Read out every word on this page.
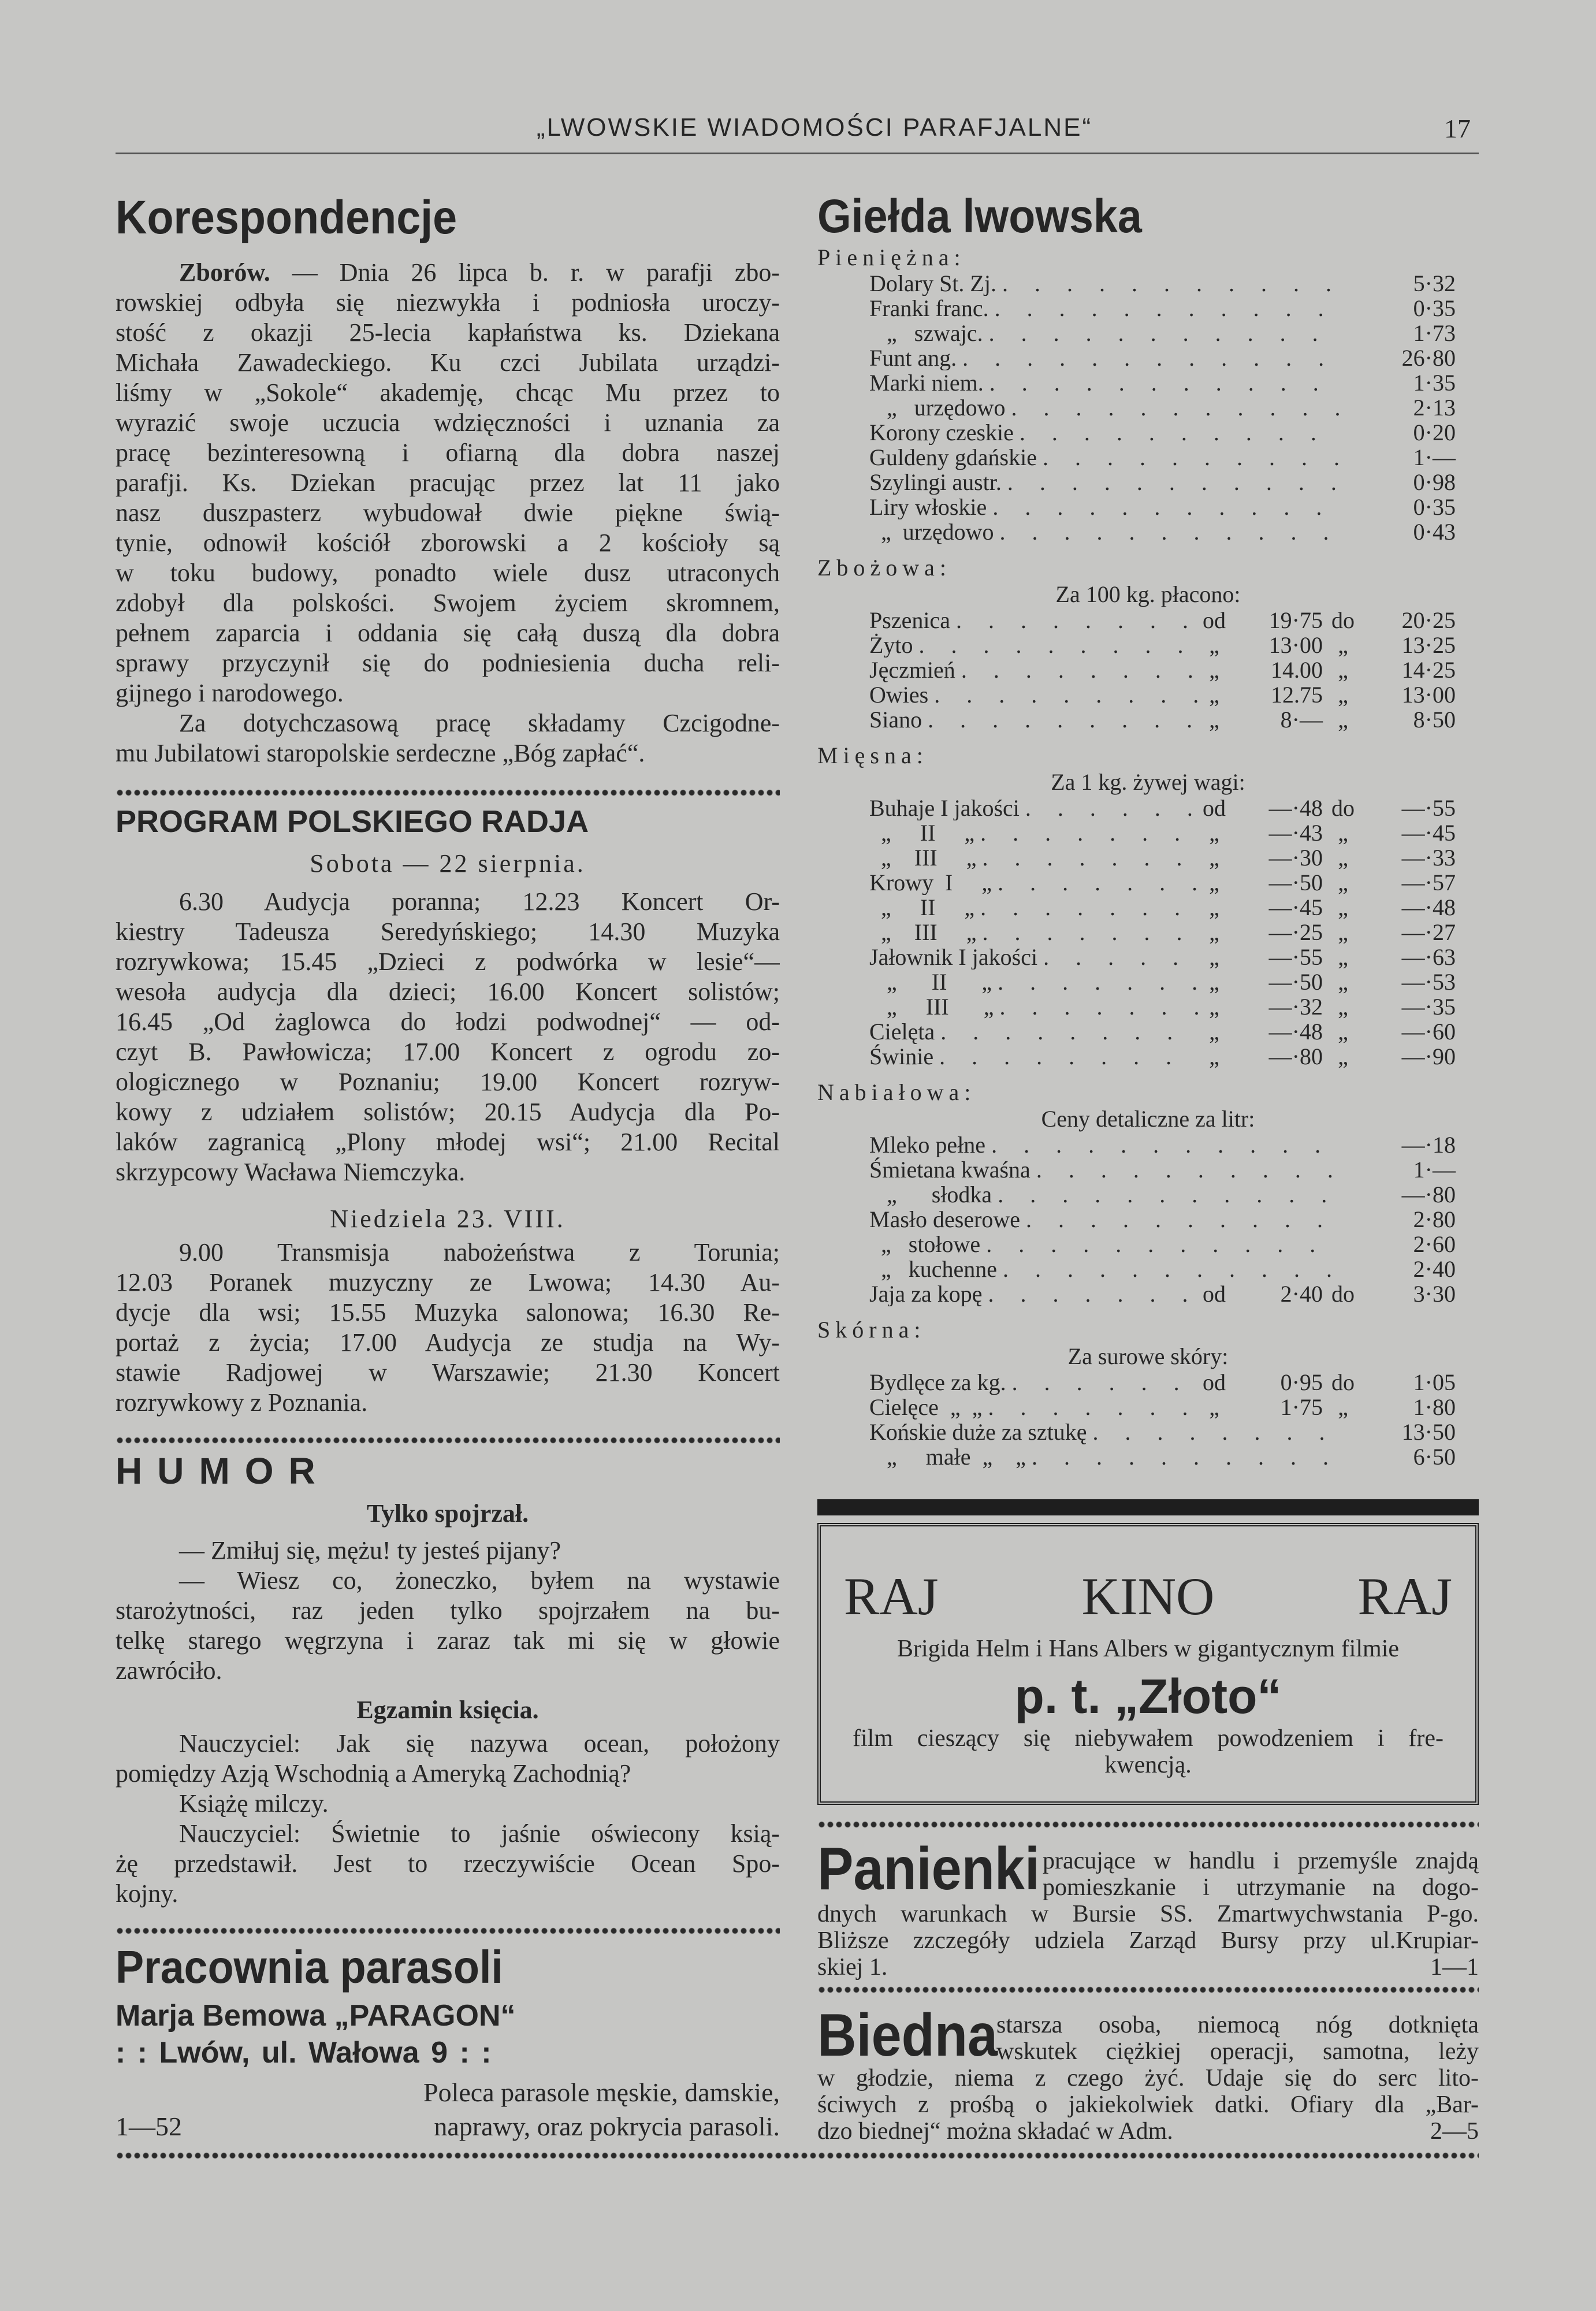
„LWOWSKIE WIADOMOŚCI PARAFJALNE“	17
Korespondencje
Zborów. — Dnia 26 lipca b. r. w parafji zbo-
rowskiej odbyła się niezwykła i podniosła uroczy-
stość z okazji 25-lecia kapłaństwa ks. Dziekana
Michała Zawadeckiego. Ku czci Jubilata urządzi-
liśmy w „Sokole“ akademję, chcąc Mu przez to
wyrazić swoje uczucia wdzięczności i uznania za
pracę bezinteresowną i ofiarną dla dobra naszej
parafji. Ks. Dziekan pracując przez lat 11 jako
nasz duszpasterz wybudował dwie piękne świą-
tynie, odnowił kościół zborowski a 2 kościoły są
w toku budowy, ponadto wiele dusz utraconych
zdobył dla polskości. Swojem życiem skromnem,
pełnem zaparcia i oddania się całą duszą dla dobra
sprawy przyczynił się do podniesienia ducha reli-
gijnego i narodowego.
Za dotychczasową pracę składamy Czcigodne-
mu Jubilatowi staropolskie serdeczne „Bóg zapłać“.
PROGRAM POLSKIEGO RADJA
Sobota — 22 sierpnia.
6.30 Audycja poranna; 12.23 Koncert Or-
kiestry Tadeusza Seredyńskiego; 14.30 Muzyka
rozrywkowa; 15.45 „Dzieci z podwórka w lesie“—
wesoła audycja dla dzieci; 16.00 Koncert solistów;
16.45 „Od żaglowca do łodzi podwodnej“ — od-
czyt B. Pawłowicza; 17.00 Koncert z ogrodu zo-
ologicznego w Poznaniu; 19.00 Koncert rozryw-
kowy z udziałem solistów; 20.15 Audycja dla Po-
laków zagranicą „Plony młodej wsi“; 21.00 Recital
skrzypcowy Wacława Niemczyka.
Niedziela 23. VIII.
9.00 Transmisja nabożeństwa z Torunia;
12.03 Poranek muzyczny ze Lwowa; 14.30 Au-
dycje dla wsi; 15.55 Muzyka salonowa; 16.30 Re-
portaż z życia; 17.00 Audycja ze studja na Wy-
stawie Radjowej w Warszawie; 21.30 Koncert
rozrywkowy z Poznania.
HUMOR
Tylko spojrzał.
— Zmiłuj się, mężu! ty jesteś pijany?
— Wiesz co, żoneczko, byłem na wystawie
starożytności, raz jeden tylko spojrzałem na bu-
telkę starego węgrzyna i zaraz tak mi się w głowie
zawróciło.
Egzamin księcia.
Nauczyciel: Jak się nazywa ocean, położony
pomiędzy Azją Wschodnią a Ameryką Zachodnią?
Książę milczy.
Nauczyciel: Świetnie to jaśnie oświecony ksią-
żę przedstawił. Jest to rzeczywiście Ocean Spo-
kojny.
Pracownia parasoli
Marja Bemowa „PARAGON“
: : Lwów, ul. Wałowa 9 : :
Poleca parasole męskie, damskie,
1—52	naprawy, oraz pokrycia parasoli.
Giełda lwowska
Pieniężna:
Dolary St. Zj. . . .	5·32
Franki franc. . . .	0·35
„   szwajc. . . .	1·73
Funt ang. . . .	26·80
Marki niem. . . .	1·35
„   urzędowo . . .	2·13
Korony czeskie . . .	0·20
Guldeny gdańskie . . .	1·—
Szylingi austr. . . .	0·98
Liry włoskie . . .	0·35
„  urzędowo . . .	0·43
Zbożowa:
Za 100 kg. płacono:
Pszenica . . .	od	19·75 do	20·25
Żyto . . .	„	13·00 „	13·25
Jęczmień . . .	„	14.00 „	14·25
Owies . . .	„	12.75 „	13·00
Siano . . .	„	8·— „	8·50
Mięsna:
Za 1 kg. żywej wagi:
Buhaje I jakości . . .	od	—·48 do	—·55
„     II     „ . . .	„	—·43 „	—·45
„    III     „ . . .	„	—·30 „	—·33
Krowy  I     „ . . .	„	—·50 „	—·57
„     II     „ . . .	„	—·45 „	—·48
„    III     „ . . .	„	—·25 „	—·27
Jałownik I jakości . . .	„	—·55 „	—·63
„      II      „ . . .	„	—·50 „	—·53
„     III      „ . . .	„	—·32 „	—·35
Cielęta . . .	„	—·48 „	—·60
Świnie . . .	„	—·80 „	—·90
Nabiałowa:
Ceny detaliczne za litr:
Mleko pełne . . .	—·18
Śmietana kwaśna . . .	1·—
„      słodka . . .	—·80
Masło deserowe . . .	2·80
„   stołowe . . .	2·60
„   kuchenne . . .	2·40
Jaja za kopę . . .	od	2·40 do	3·30
Skórna:
Za surowe skóry:
Bydlęce za kg. . . .	od	0·95 do	1·05
Cielęce  „  „ . . .	„	1·75 „	1·80
Końskie duże za sztukę . . .	13·50
„     małe  „    „ . . .	6·50
RAJ	KINO	RAJ
Brigida Helm i Hans Albers w gigantycznym filmie
p. t. „Złoto“
film cieszący się niebywałem powodzeniem i fre-
kwencją.
Panienki pracujące w handlu i przemyśle znajdą
pomieszkanie i utrzymanie na dogo-
dnych warunkach w Bursie SS. Zmartwychwstania P-go.
Bliższe zzczegóły udziela Zarząd Bursy przy ul.Krupiar-
skiej 1.	1—1
Biedna
starsza osoba, niemocą nóg dotknięta
wskutek ciężkiej operacji, samotna, leży
w głodzie, niema z czego żyć. Udaje się do serc lito-
ściwych z prośbą o jakiekolwiek datki. Ofiary dla „Bar-
dzo biednej“ można składać w Adm.	2—5
